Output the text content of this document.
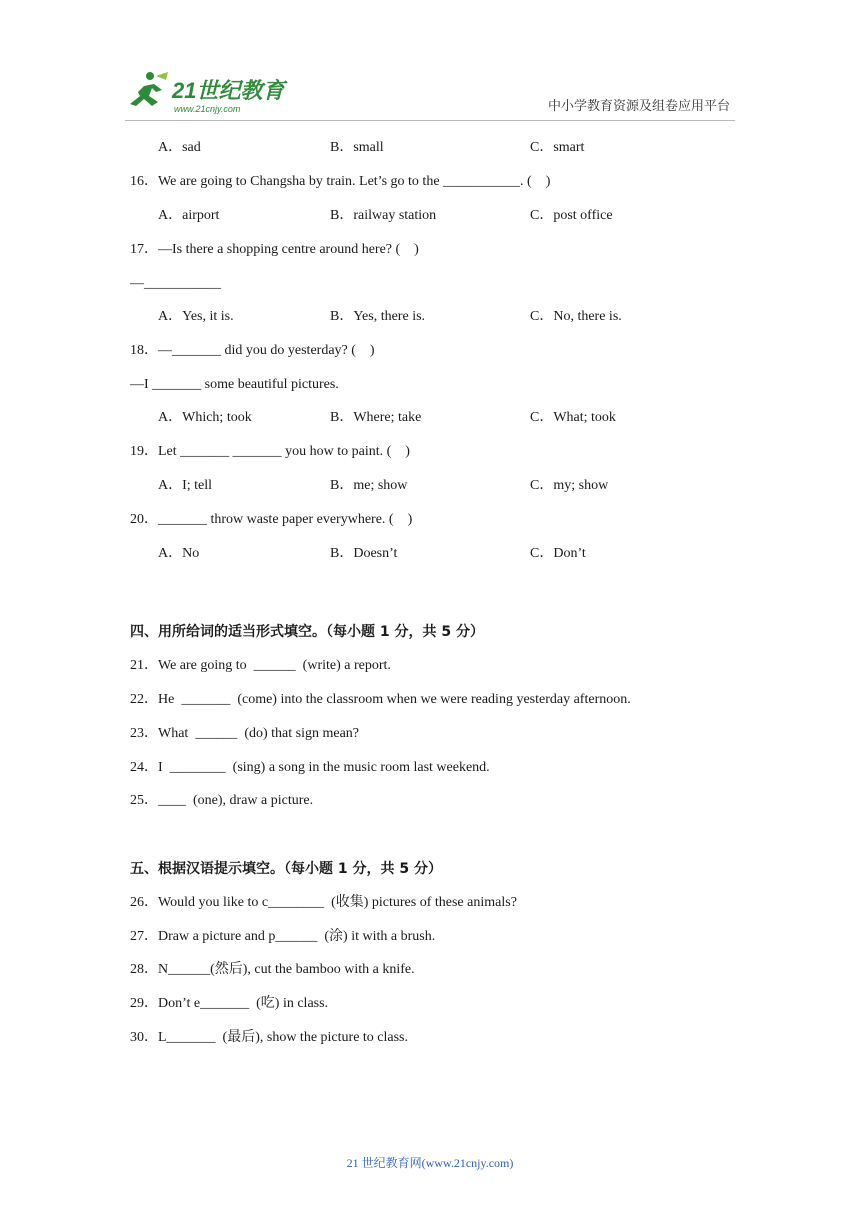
21世纪教育
www.21cnjy.com	中小学教育资源及组卷应用平台
A．sad	B．small	C．smart
16．We are going to Changsha by train. Let’s go to the ___________. (    )
A．airport	B．railway station	C．post office
17．—Is there a shopping centre around here? (    )
—___________
A．Yes, it is.	B．Yes, there is.	C．No, there is.
18．—_______ did you do yesterday? (    )
—I _______ some beautiful pictures.
A．Which; took	B．Where; take	C．What; took
19．Let _______ _______ you how to paint. (    )
A．I; tell	B．me; show	C．my; show
20．_______ throw waste paper everywhere. (    )
A．No	B．Doesn’t	C．Don’t
四、用所给词的适当形式填空。（每小题 1 分，共 5 分）
21．We are going to  ______  (write) a report.
22．He  _______  (come) into the classroom when we were reading yesterday afternoon.
23．What  ______  (do) that sign mean?
24．I  ________  (sing) a song in the music room last weekend.
25．____  (one), draw a picture.
五、根据汉语提示填空。（每小题 1 分，共 5 分）
26．Would you like to c________  (收集) pictures of these animals?
27．Draw a picture and p______  (涂) it with a brush.
28．N______(然后), cut the bamboo with a knife.
29．Don’t e_______  (吃) in class.
30．L_______  (最后), show the picture to class.
21 世纪教育网(www.21cnjy.com)
